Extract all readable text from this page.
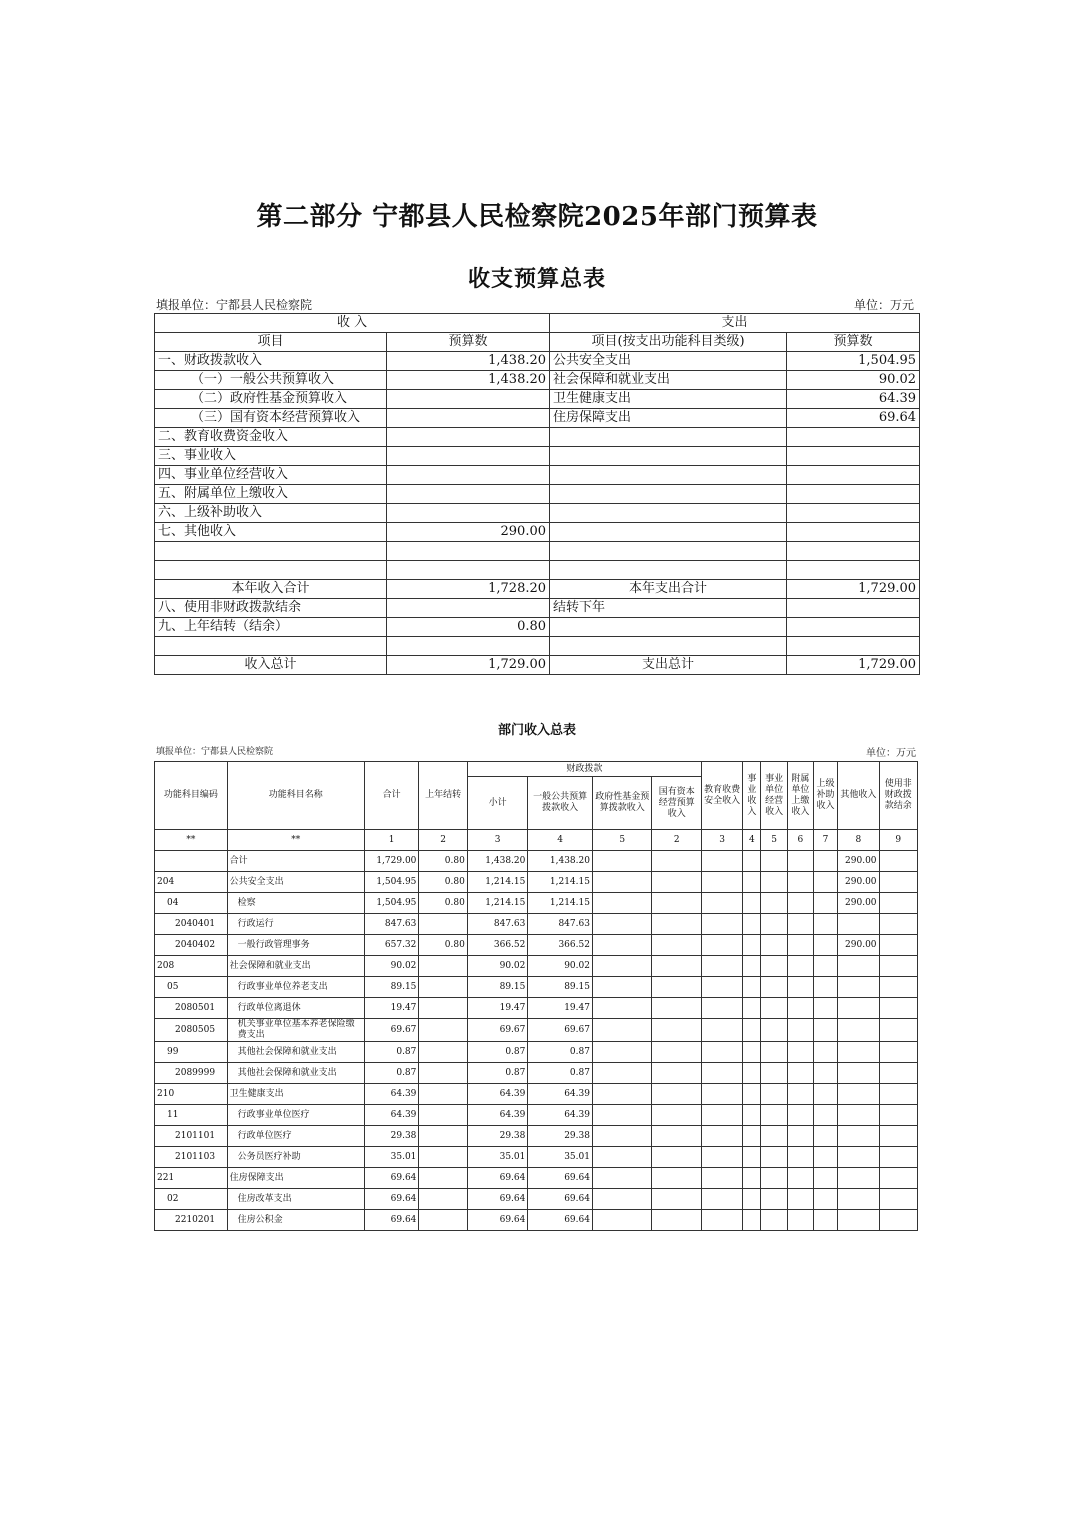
第二部分 宁都县人民检察院2025年部门预算表
收支预算总表
填报单位：宁都县人民检察院	单位：万元
收 入		支出	
项目	预算数	项目(按支出功能科目类级)	预算数
一、财政拨款收入	1,438.20	公共安全支出	1,504.95
（一）一般公共预算收入	1,438.20	社会保障和就业支出	90.02
（二）政府性基金预算收入		卫生健康支出	64.39
（三）国有资本经营预算收入		住房保障支出	69.64
二、教育收费资金收入			
三、事业收入			
四、事业单位经营收入			
五、附属单位上缴收入			
六、上级补助收入			
七、其他收入	290.00		

本年收入合计	1,728.20	本年支出合计	1,729.00
八、使用非财政拨款结余		结转下年	
九、上年结转（结余）	0.80		

收入总计	1,729.00	支出总计	1,729.00
部门收入总表
填报单位：宁都县人民检察院	单位：万元
功能科目编码	功能科目名称	合计	上年结转	财政拨款				教育收费安全收入	事业收入	事业单位经营收入	附属单位上缴收入	上级补助收入	其他收入	使用非财政拨款结余
				小计	一般公共预算拨款收入	政府性基金预算拨款收入	国有资本经营预算收入							
**	**	1	2	3	4	5	2	3	4	5	6	7	8	9
	合计	1,729.00	0.80	1,438.20	1,438.20								290.00	
204	公共安全支出	1,504.95	0.80	1,214.15	1,214.15								290.00	
04	检察	1,504.95	0.80	1,214.15	1,214.15								290.00	
2040401	行政运行	847.63		847.63	847.63									
2040402	一般行政管理事务	657.32	0.80	366.52	366.52								290.00	
208	社会保障和就业支出	90.02		90.02	90.02									
05	行政事业单位养老支出	89.15		89.15	89.15									
2080501	行政单位离退休	19.47		19.47	19.47									
2080505	机关事业单位基本养老保险缴费支出	69.67		69.67	69.67									
99	其他社会保障和就业支出	0.87		0.87	0.87									
2089999	其他社会保障和就业支出	0.87		0.87	0.87									
210	卫生健康支出	64.39		64.39	64.39									
11	行政事业单位医疗	64.39		64.39	64.39									
2101101	行政单位医疗	29.38		29.38	29.38									
2101103	公务员医疗补助	35.01		35.01	35.01									
221	住房保障支出	69.64		69.64	69.64									
02	住房改革支出	69.64		69.64	69.64									
2210201	住房公积金	69.64		69.64	69.64									
